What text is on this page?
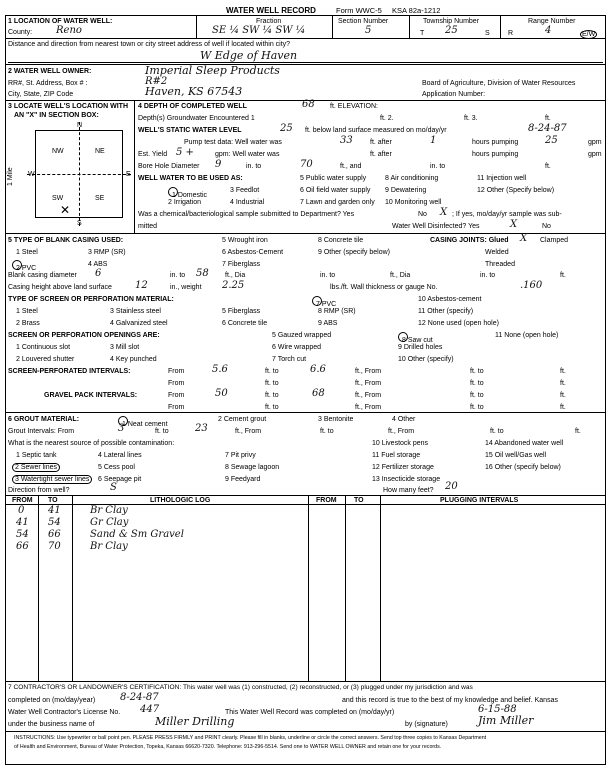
WATER WELL RECORD	Form WWC-5 KSA 82a-1212
1 LOCATION OF WATER WELL:
County: Reno
Fraction
SE ¼ SW ¼ SW ¼
Section Number
5
Township Number
T 25	S
Range Number
R	4	E/W
Distance and direction from nearest town or city street address of well if located within city?
W Edge of Haven
2 WATER WELL OWNER:	Imperial Sleep Products
RR#, St. Address, Box # :	R#2	Board of Agriculture, Division of Water Resources
City, State, ZIP Code	Haven, KS 67543	Application Number:
3 LOCATE WELL'S LOCATION WITH
AN "X" IN SECTION BOX:
N
S
W	E
NW	NE
SW	SE
✕
1 Mile
4 DEPTH OF COMPLETED WELL	68 ft. ELEVATION:
Depth(s) Groundwater Encountered 1	ft. 2.	ft. 3.	ft.
WELL'S STATIC WATER LEVEL	25 ft. below land surface measured on mo/day/yr	8-24-87
Pump test data: Well water was	33 ft. after	1	hours pumping	25	gpm
Est. Yield 5 +	gpm: Well water was	ft. after	hours pumping	gpm
Bore Hole Diameter 9	in. to	70	ft., and	in. to	ft.
WELL WATER TO BE USED AS:	5 Public water supply	8 Air conditioning	11 Injection well
1 Domestic
3 Feedlot	6 Oil field water supply 9 Dewatering	12 Other (Specify below)
2 Irrigation	4 Industrial	7 Lawn and garden only 10 Monitoring well
Was a chemical/bacteriological sample submitted to Department? Yes	No X ; If yes, mo/day/yr sample was sub-
mitted	Water Well Disinfected? Yes	X	No
5 TYPE OF BLANK CASING USED:	CASING JOINTS: Glued X Clamped
1 Steel	3 RMP (SR)
5 Wrought iron	8 Concrete tile
6 Asbestos-Cement	9 Other (specify below)	Welded
2 PVC
4 ABS	7 Fiberglass	Threaded
Blank casing diameter 6	in. to 58 ft., Dia	in. to	ft., Dia	in. to	ft.
Casing height above land surface 12	in., weight 2.25	lbs./ft. Wall thickness or gauge No.	.160
TYPE OF SCREEN OR PERFORATION MATERIAL:
7 PVC
10 Asbestos-cement
1 Steel	3 Stainless steel	5 Fiberglass	8 RMP (SR)	11 Other (specify)
2 Brass	4 Galvanized steel	6 Concrete tile	9 ABS	12 None used (open hole)
SCREEN OR PERFORATION OPENINGS ARE:	5 Gauzed wrapped
8 Saw cut
11 None (open hole)
1 Continuous slot	3 Mill slot	6 Wire wrapped	9 Drilled holes
2 Louvered shutter	4 Key punched	7 Torch cut	10 Other (specify)
SCREEN-PERFORATED INTERVALS:	From	5.6	ft. to	6.6	ft., From	ft. to	ft.
From	ft. to	ft., From	ft. to	ft.
GRAVEL PACK INTERVALS:	From	50	ft. to	68	ft., From	ft. to	ft.
From	ft. to	ft., From	ft. to	ft.
6 GROUT MATERIAL:
1 Neat cement
2 Cement grout	3 Bentonite	4 Other
Grout Intervals: From	3	ft. to	23	ft., From	ft. to	ft., From	ft. to	ft.
What is the nearest source of possible contamination:	10 Livestock pens	14 Abandoned water well
1 Septic tank	4 Lateral lines	7 Pit privy	11 Fuel storage	15 Oil well/Gas well
2 Sewer lines	5 Cess pool	8 Sewage lagoon	12 Fertilizer storage	16 Other (specify below)
3 Watertight sewer lines	6 Seepage pit	9 Feedyard	13 Insecticide storage
Direction from well?	S	How many feet? 20
FROM TO	LITHOLOGIC LOG	FROM TO	PLUGGING INTERVALS
0 41	Br Clay
41 54	Gr Clay
54 66	Sand & Sm Gravel
66 70	Br Clay
7 CONTRACTOR'S OR LANDOWNER'S CERTIFICATION: This water well was (1) constructed, (2) reconstructed, or (3) plugged under my jurisdiction and was
completed on (mo/day/year) 8-24-87	and this record is true to the best of my knowledge and belief. Kansas
Water Well Contractor's License No. 447	This Water Well Record was completed on (mo/day/yr)	6-15-88
under the business name of	Miller Drilling	by (signature)	Jim Miller
INSTRUCTIONS: Use typewriter or ball point pen. PLEASE PRESS FIRMLY and PRINT clearly. Please fill in blanks, underline or circle the correct answers. Send top three copies to Kansas Department
of Health and Environment, Bureau of Water Protection, Topeka, Kansas 66620-7320. Telephone: 913-296-5514. Send one to WATER WELL OWNER and retain one for your records.
